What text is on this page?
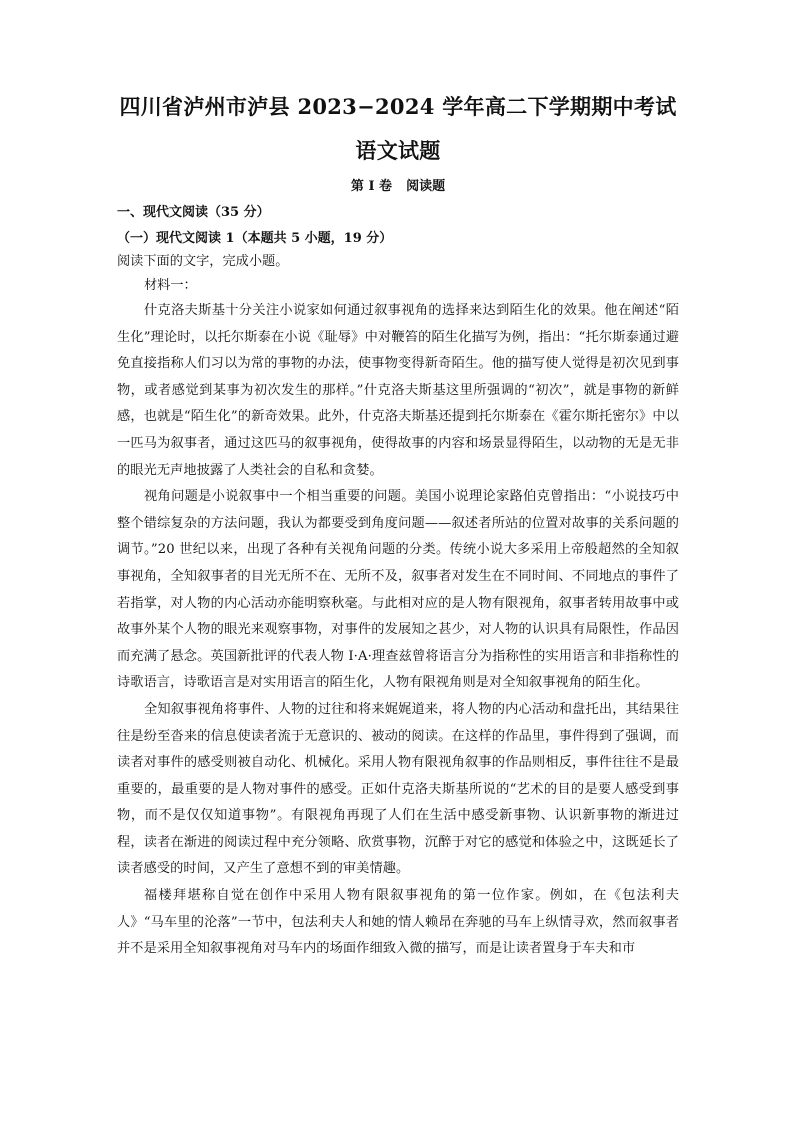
四川省泸州市泸县 2023−2024 学年高二下学期期中考试
语文试题
第 I 卷 阅读题
一、现代文阅读（35 分）
（一）现代文阅读 1（本题共 5 小题，19 分）
阅读下面的文字，完成小题。
材料一：

什克洛夫斯基十分关注小说家如何通过叙事视角的选择来达到陌生化的效果。他在阐述“陌生化”理论时，以托尔斯泰在小说《耻辱》中对鞭笞的陌生化描写为例，指出：“托尔斯泰通过避免直接指称人们习以为常的事物的办法，使事物变得新奇陌生。他的描写使人觉得是初次见到事物，或者感觉到某事为初次发生的那样。”什克洛夫斯基这里所强调的“初次”，就是事物的新鲜感，也就是“陌生化”的新奇效果。此外，什克洛夫斯基还提到托尔斯泰在《霍尔斯托密尔》中以一匹马为叙事者，通过这匹马的叙事视角，使得故事的内容和场景显得陌生，以动物的无是无非的眼光无声地披露了人类社会的自私和贪婪。

视角问题是小说叙事中一个相当重要的问题。美国小说理论家路伯克曾指出：“小说技巧中整个错综复杂的方法问题，我认为都要受到角度问题——叙述者所站的位置对故事的关系问题的调节。”20 世纪以来，出现了各种有关视角问题的分类。传统小说大多采用上帝般超然的全知叙事视角，全知叙事者的目光无所不在、无所不及，叙事者对发生在不同时间、不同地点的事件了若指掌，对人物的内心活动亦能明察秋毫。与此相对应的是人物有限视角，叙事者转用故事中或故事外某个人物的眼光来观察事物，对事件的发展知之甚少，对人物的认识具有局限性，作品因而充满了悬念。英国新批评的代表人物 I·A·理查兹曾将语言分为指称性的实用语言和非指称性的诗歌语言，诗歌语言是对实用语言的陌生化，人物有限视角则是对全知叙事视角的陌生化。

全知叙事视角将事件、人物的过往和将来娓娓道来，将人物的内心活动和盘托出，其结果往往是纷至沓来的信息使读者流于无意识的、被动的阅读。在这样的作品里，事件得到了强调，而读者对事件的感受则被自动化、机械化。采用人物有限视角叙事的作品则相反，事件往往不是最重要的，最重要的是人物对事件的感受。正如什克洛夫斯基所说的“艺术的目的是要人感受到事物，而不是仅仅知道事物”。有限视角再现了人们在生活中感受新事物、认识新事物的渐进过程，读者在渐进的阅读过程中充分领略、欣赏事物，沉醉于对它的感觉和体验之中，这既延长了读者感受的时间，又产生了意想不到的审美情趣。

福楼拜堪称自觉在创作中采用人物有限叙事视角的第一位作家。例如，在《包法利夫人》“马车里的沦落”一节中，包法利夫人和她的情人赖昂在奔驰的马车上纵情寻欢，然而叙事者并不是采用全知叙事视角对马车内的场面作细致入微的描写，而是让读者置身于车夫和市
